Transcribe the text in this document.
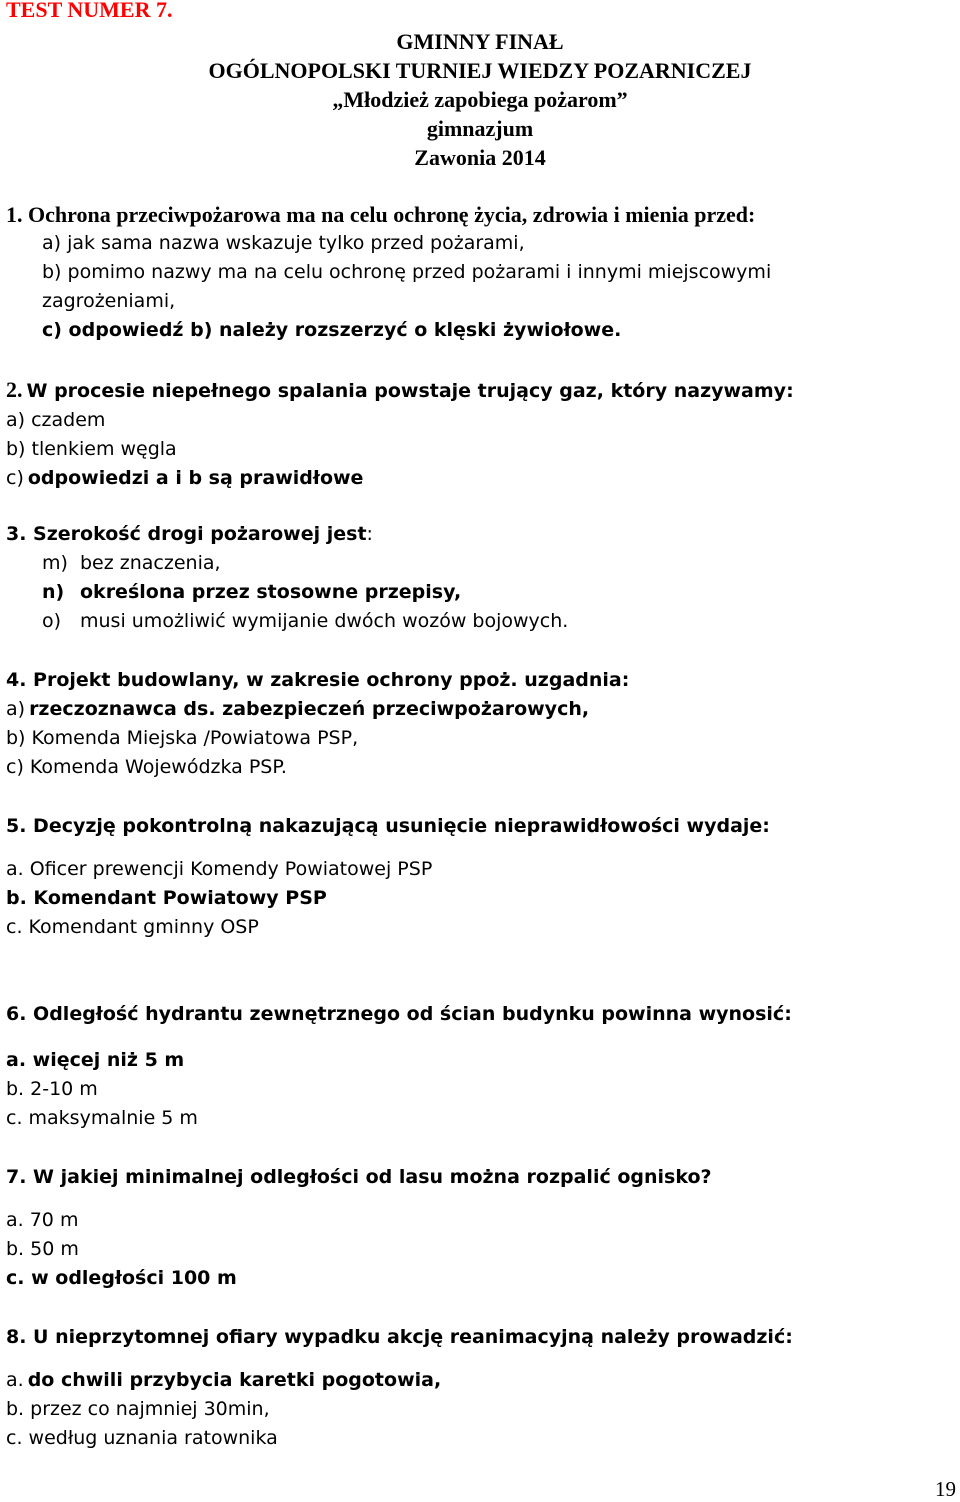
TEST NUMER 7.
GMINNY FINAŁ
OGÓLNOPOLSKI TURNIEJ WIEDZY POZARNICZEJ
„Młodzież zapobiega pożarom”
gimnazjum
Zawonia 2014
1. Ochrona przeciwpożarowa ma na celu ochronę życia, zdrowia i mienia przed:
a) jak sama nazwa wskazuje tylko przed pożarami,
b) pomimo nazwy ma na celu ochronę przed pożarami i innymi miejscowymi
zagrożeniami,
c) odpowiedź b) należy rozszerzyć o klęski żywiołowe.
2. W procesie niepełnego spalania powstaje trujący gaz, który nazywamy:
a) czadem
b) tlenkiem węgla
c) odpowiedzi a i b są prawidłowe
3. Szerokość drogi pożarowej jest:
m) bez znaczenia,
n) określona przez stosowne przepisy,
o) musi umożliwić wymijanie dwóch wozów bojowych.
4. Projekt budowlany, w zakresie ochrony ppoż. uzgadnia:
a) rzeczoznawca ds. zabezpieczeń przeciwpożarowych,
b) Komenda Miejska /Powiatowa PSP,
c) Komenda Wojewódzka PSP.
5. Decyzję pokontrolną nakazującą usunięcie nieprawidłowości wydaje:
a. Oficer prewencji Komendy Powiatowej PSP
b. Komendant Powiatowy PSP
c. Komendant gminny OSP
6. Odległość hydrantu zewnętrznego od ścian budynku powinna wynosić:
a. więcej niż 5 m
b. 2-10 m
c. maksymalnie 5 m
7. W jakiej minimalnej odległości od lasu można rozpalić ognisko?
a. 70 m
b. 50 m
c. w odległości 100 m
8. U nieprzytomnej ofiary wypadku akcję reanimacyjną należy prowadzić:
a. do chwili przybycia karetki pogotowia,
b. przez co najmniej 30min,
c. według uznania ratownika
19
